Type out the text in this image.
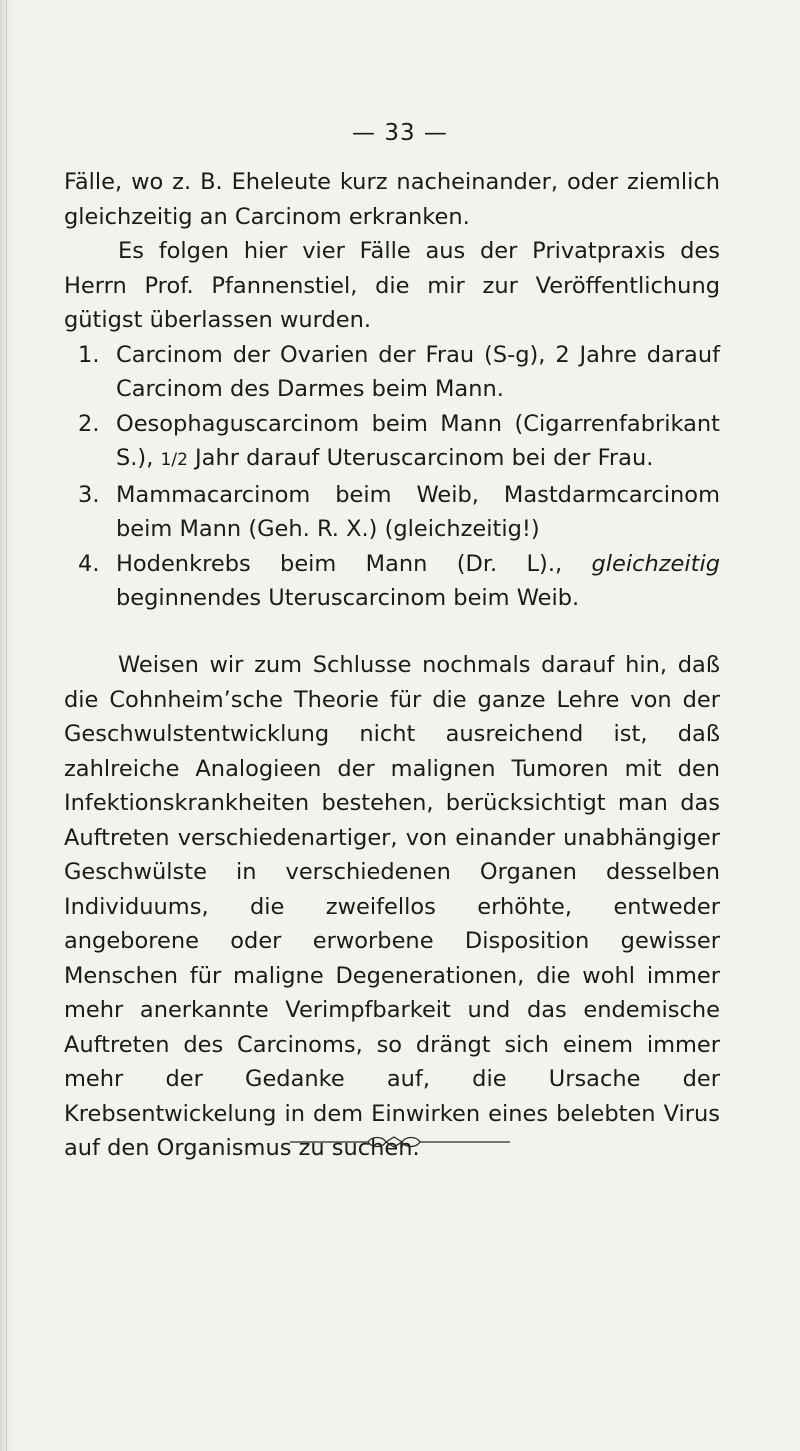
— 33 —

Fälle, wo z. B. Eheleute kurz nacheinander, oder ziemlich gleichzeitig an Carcinom erkranken.

Es folgen hier vier Fälle aus der Privatpraxis des Herrn Prof. Pfannenstiel, die mir zur Veröffentlichung gütigst überlassen wurden.

1. Carcinom der Ovarien der Frau (S-g), 2 Jahre darauf Carcinom des Darmes beim Mann.
2. Oesophaguscarcinom beim Mann (Cigarrenfabrikant S.), 1/2 Jahr darauf Uteruscarcinom bei der Frau.
3. Mammacarcinom beim Weib, Mastdarmcarcinom beim Mann (Geh. R. X.) (gleichzeitig!)
4. Hodenkrebs beim Mann (Dr. L)., gleichzeitig beginnendes Uteruscarcinom beim Weib.

Weisen wir zum Schlusse nochmals darauf hin, daß die Cohnheim’sche Theorie für die ganze Lehre von der Geschwulstentwicklung nicht ausreichend ist, daß zahlreiche Analogieen der malignen Tumoren mit den Infektionskrankheiten bestehen, berücksichtigt man das Auftreten verschiedenartiger, von einander unabhängiger Geschwülste in verschiedenen Organen desselben Individuums, die zweifellos erhöhte, entweder angeborene oder erworbene Disposition gewisser Menschen für maligne Degenerationen, die wohl immer mehr anerkannte Verimpfbarkeit und das endemische Auftreten des Carcinoms, so drängt sich einem immer mehr der Gedanke auf, die Ursache der Krebsentwickelung in dem Einwirken eines belebten Virus auf den Organismus zu suchen.
